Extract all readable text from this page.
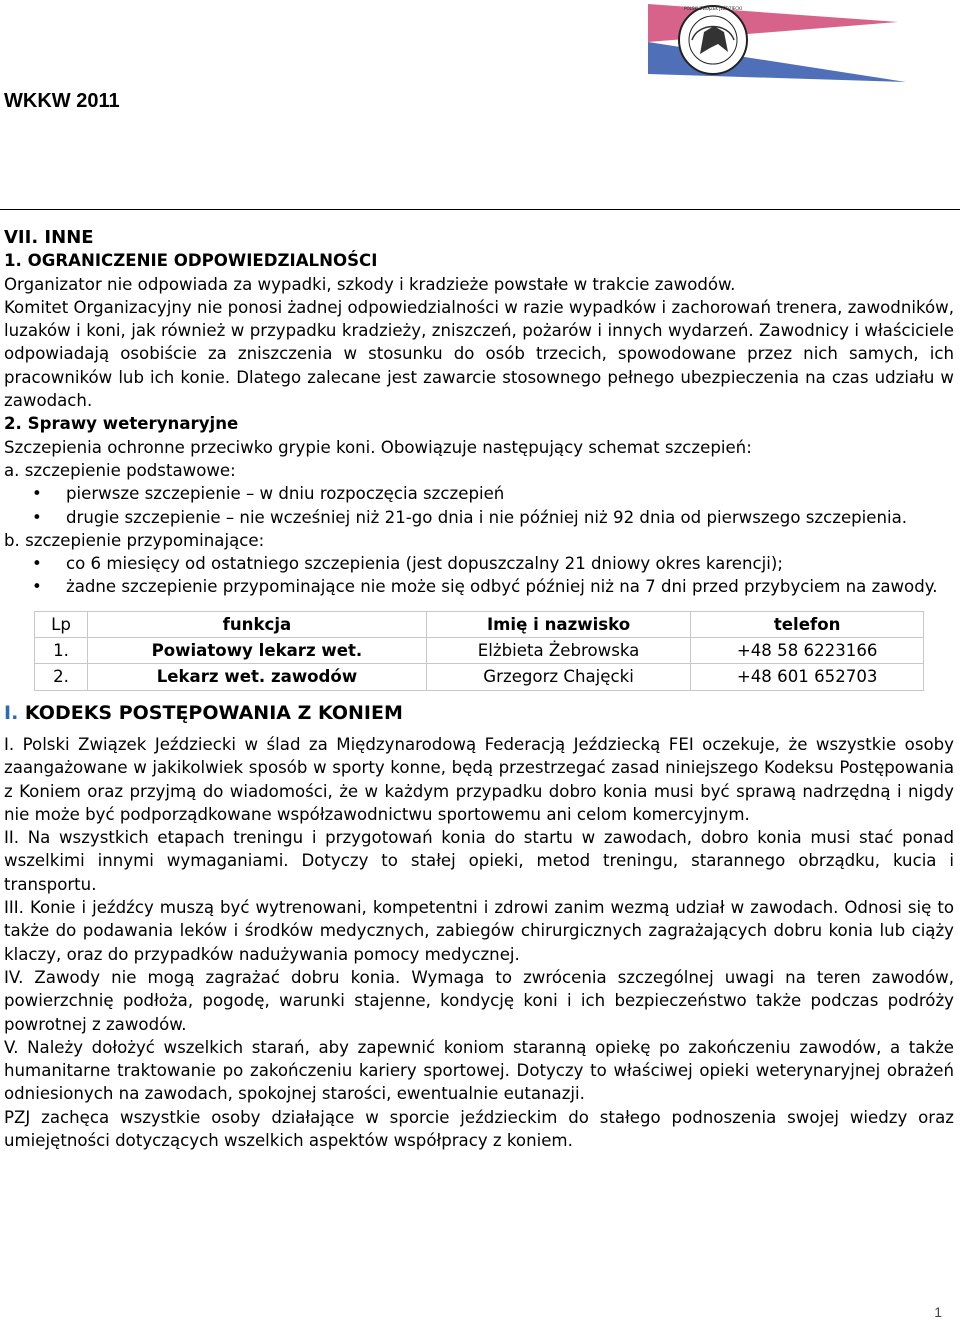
WKKW 2011
POLSKI ZWIĄZEK JEŹDZIECKI

VII. INNE

1. OGRANICZENIE ODPOWIEDZIALNOŚCI

Organizator nie odpowiada za wypadki, szkody i kradzieże powstałe w trakcie zawodów.

Komitet Organizacyjny nie ponosi żadnej odpowiedzialności w razie wypadków i zachorowań trenera, zawodników, luzaków i koni, jak również w przypadku kradzieży, zniszczeń, pożarów i innych wydarzeń. Zawodnicy i właściciele odpowiadają osobiście za zniszczenia w stosunku do osób trzecich, spowodowane przez nich samych, ich pracowników lub ich konie. Dlatego zalecane jest zawarcie stosownego pełnego ubezpieczenia na czas udziału w zawodach.

2. Sprawy weterynaryjne

Szczepienia ochronne przeciwko grypie koni. Obowiązuje następujący schemat szczepień:

a. szczepienie podstawowe:

• pierwsze szczepienie – w dniu rozpoczęcia szczepień
• drugie szczepienie – nie wcześniej niż 21-go dnia i nie później niż 92 dnia od pierwszego szczepienia.

b. szczepienie przypominające:

• co 6 miesięcy od ostatniego szczepienia (jest dopuszczalny 21 dniowy okres karencji);
• żadne szczepienie przypominające nie może się odbyć później niż na 7 dni przed przybyciem na zawody.
Lp	funkcja	Imię i nazwisko	telefon
1.	Powiatowy lekarz wet.	Elżbieta Żebrowska	+48 58 6223166
2.	Lekarz wet. zawodów	Grzegorz Chajęcki	+48 601 652703

I. KODEKS POSTĘPOWANIA Z KONIEM

I. Polski Związek Jeździecki w ślad za Międzynarodową Federacją Jeździecką FEI oczekuje, że wszystkie osoby zaangażowane w jakikolwiek sposób w sporty konne, będą przestrzegać zasad niniejszego Kodeksu Postępowania z Koniem oraz przyjmą do wiadomości, że w każdym przypadku dobro konia musi być sprawą nadrzędną i nigdy nie może być podporządkowane współzawodnictwu sportowemu ani celom komercyjnym.

II. Na wszystkich etapach treningu i przygotowań konia do startu w zawodach, dobro konia musi stać ponad wszelkimi innymi wymaganiami. Dotyczy to stałej opieki, metod treningu, starannego obrządku, kucia i transportu.

III. Konie i jeźdźcy muszą być wytrenowani, kompetentni i zdrowi zanim wezmą udział w zawodach. Odnosi się to także do podawania leków i środków medycznych, zabiegów chirurgicznych zagrażających dobru konia lub ciąży klaczy, oraz do przypadków nadużywania pomocy medycznej.

IV. Zawody nie mogą zagrażać dobru konia. Wymaga to zwrócenia szczególnej uwagi na teren zawodów, powierzchnię podłoża, pogodę, warunki stajenne, kondycję koni i ich bezpieczeństwo także podczas podróży powrotnej z zawodów.

V. Należy dołożyć wszelkich starań, aby zapewnić koniom staranną opiekę po zakończeniu zawodów, a także humanitarne traktowanie po zakończeniu kariery sportowej. Dotyczy to właściwej opieki weterynaryjnej obrażeń odniesionych na zawodach, spokojnej starości, ewentualnie eutanazji.

PZJ zachęca wszystkie osoby działające w sporcie jeździeckim do stałego podnoszenia swojej wiedzy oraz umiejętności dotyczących wszelkich aspektów współpracy z koniem.

1
